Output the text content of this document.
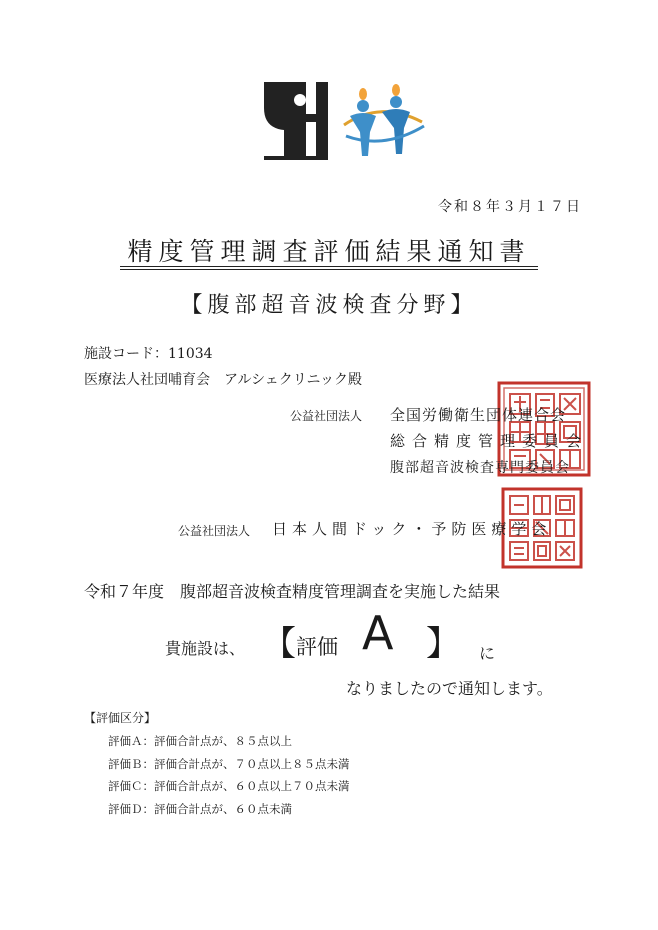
令和８年３月１７日
精度管理調査評価結果通知書
【腹部超音波検査分野】
施設コード：11034
医療法人社団哺育会　アルシェクリニック殿
公益社団法人 全国労働衛生団体連合会
総合精度管理委員会
腹部超音波検査専門委員会
公益社団法人 日本人間ドック・予防医療学会
令和７年度　腹部超音波検査精度管理調査を実施した結果
貴施設は、 【 評価 A 】 に
なりましたので通知します。
【評価区分】
評価Ａ：評価合計点が、８５点以上
評価Ｂ：評価合計点が、７０点以上８５点未満
評価Ｃ：評価合計点が、６０点以上７０点未満
評価Ｄ：評価合計点が、６０点未満
